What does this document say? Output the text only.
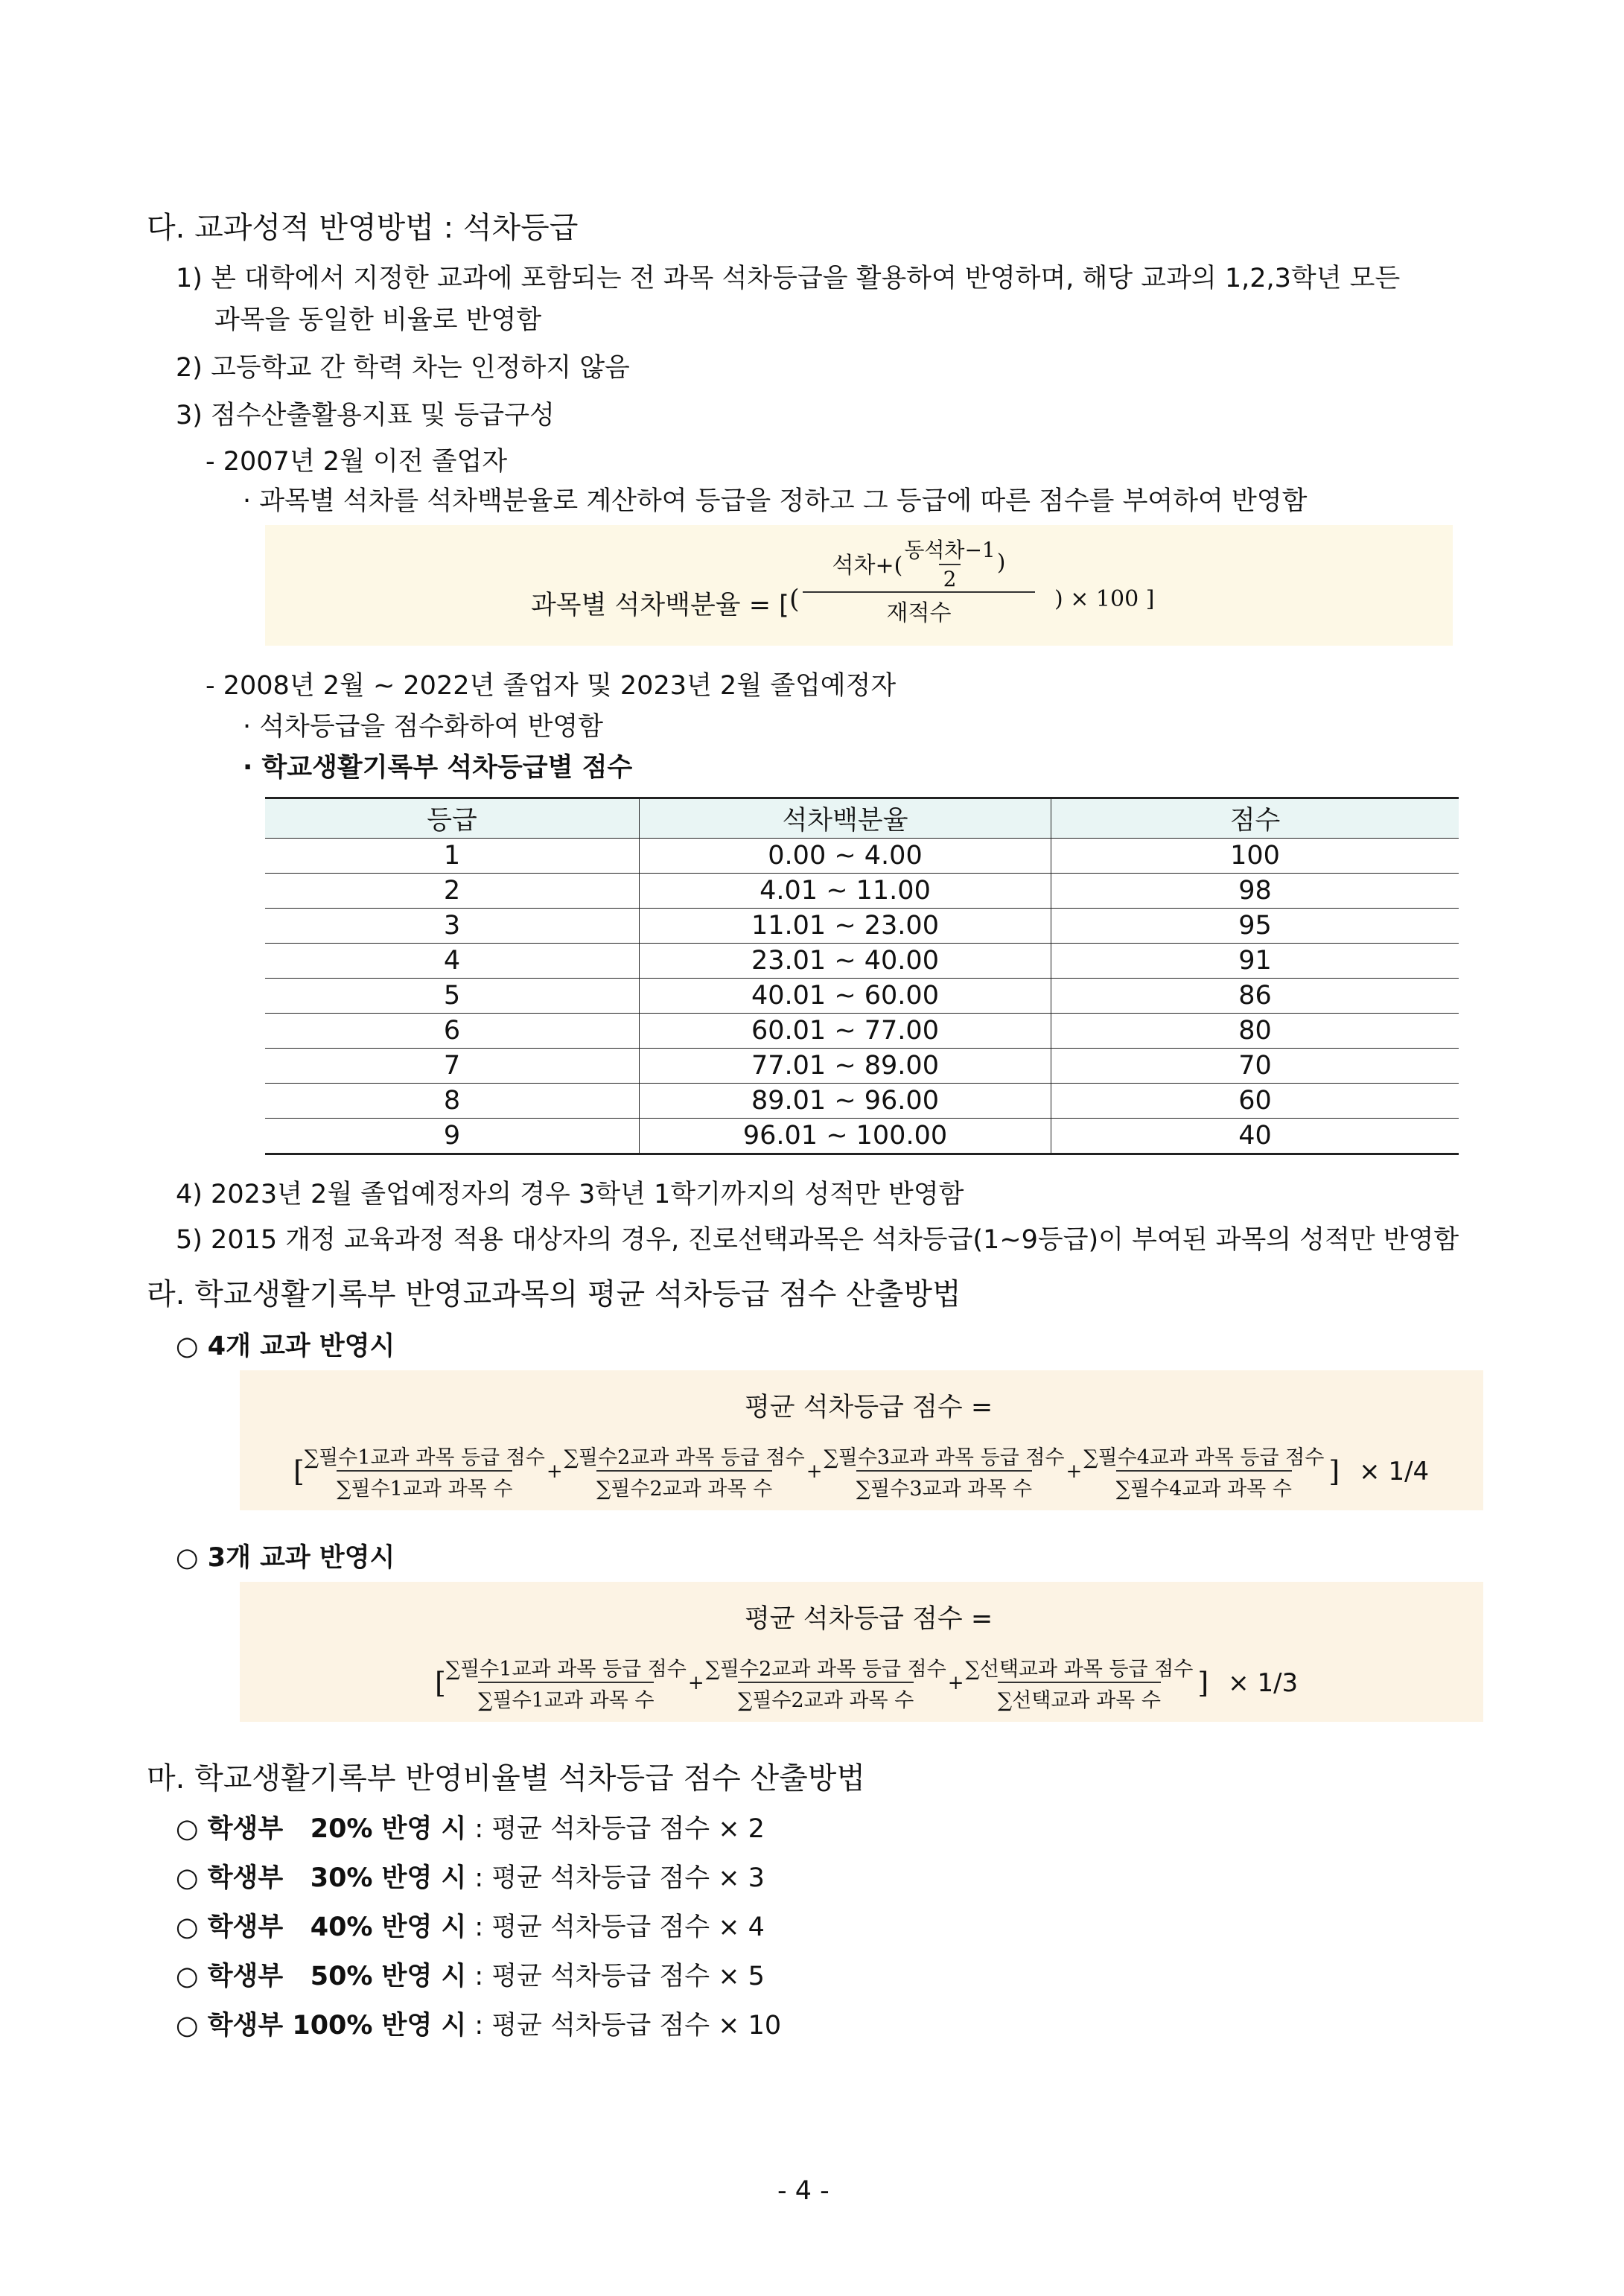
다. 교과성적 반영방법 : 석차등급
1) 본 대학에서 지정한 교과에 포함되는 전 과목 석차등급을 활용하여 반영하며, 해당 교과의 1,2,3학년 모든
과목을 동일한 비율로 반영함
2) 고등학교 간 학력 차는 인정하지 않음
3) 점수산출활용지표 및 등급구성
- 2007년 2월 이전 졸업자
· 과목별 석차를 석차백분율로 계산하여 등급을 정하고 그 등급에 따른 점수를 부여하여 반영함
과목별 석차백분율 = [ ( $\frac{석차+( \frac{\text{동석차−1}}{2} )}{\text{재적수}}$ ) × 100 ]
- 2008년 2월 ~ 2022년 졸업자 및 2023년 2월 졸업예정자
· 석차등급을 점수화하여 반영함
· 학교생활기록부 석차등급별 점수
등급	석차백분율	점수
1	0.00 ~ 4.00	100
2	4.01 ~ 11.00	98
3	11.01 ~ 23.00	95
4	23.01 ~ 40.00	91
5	40.01 ~ 60.00	86
6	60.01 ~ 77.00	80
7	77.01 ~ 89.00	70
8	89.01 ~ 96.00	60
9	96.01 ~ 100.00	40
4) 2023년 2월 졸업예정자의 경우 3학년 1학기까지의 성적만 반영함
5) 2015 개정 교육과정 적용 대상자의 경우, 진로선택과목은 석차등급(1~9등급)이 부여된 과목의 성적만 반영함
라. 학교생활기록부 반영교과목의 평균 석차등급 점수 산출방법
○ 4개 교과 반영시
평균 석차등급 점수 =
[ ∑필수1교과 과목 등급 점수
∑필수1교과 과목 수
+
∑필수2교과 과목 등급 점수
∑필수2교과 과목 수
+
∑필수3교과 과목 등급 점수
∑필수3교과 과목 수
+
∑필수4교과 과목 등급 점수
∑필수4교과 과목 수
] × 1/4
○ 3개 교과 반영시
평균 석차등급 점수 =
[ ∑필수1교과 과목 등급 점수
∑필수1교과 과목 수
+
∑필수2교과 과목 등급 점수
∑필수2교과 과목 수
+
∑선택교과 과목 등급 점수
∑선택교과 과목 수
] × 1/3
마. 학교생활기록부 반영비율별 석차등급 점수 산출방법
○ 학생부   20% 반영 시 : 평균 석차등급 점수 × 2
○ 학생부   30% 반영 시 : 평균 석차등급 점수 × 3
○ 학생부   40% 반영 시 : 평균 석차등급 점수 × 4
○ 학생부   50% 반영 시 : 평균 석차등급 점수 × 5
○ 학생부 100% 반영 시 : 평균 석차등급 점수 × 10
- 4 -
